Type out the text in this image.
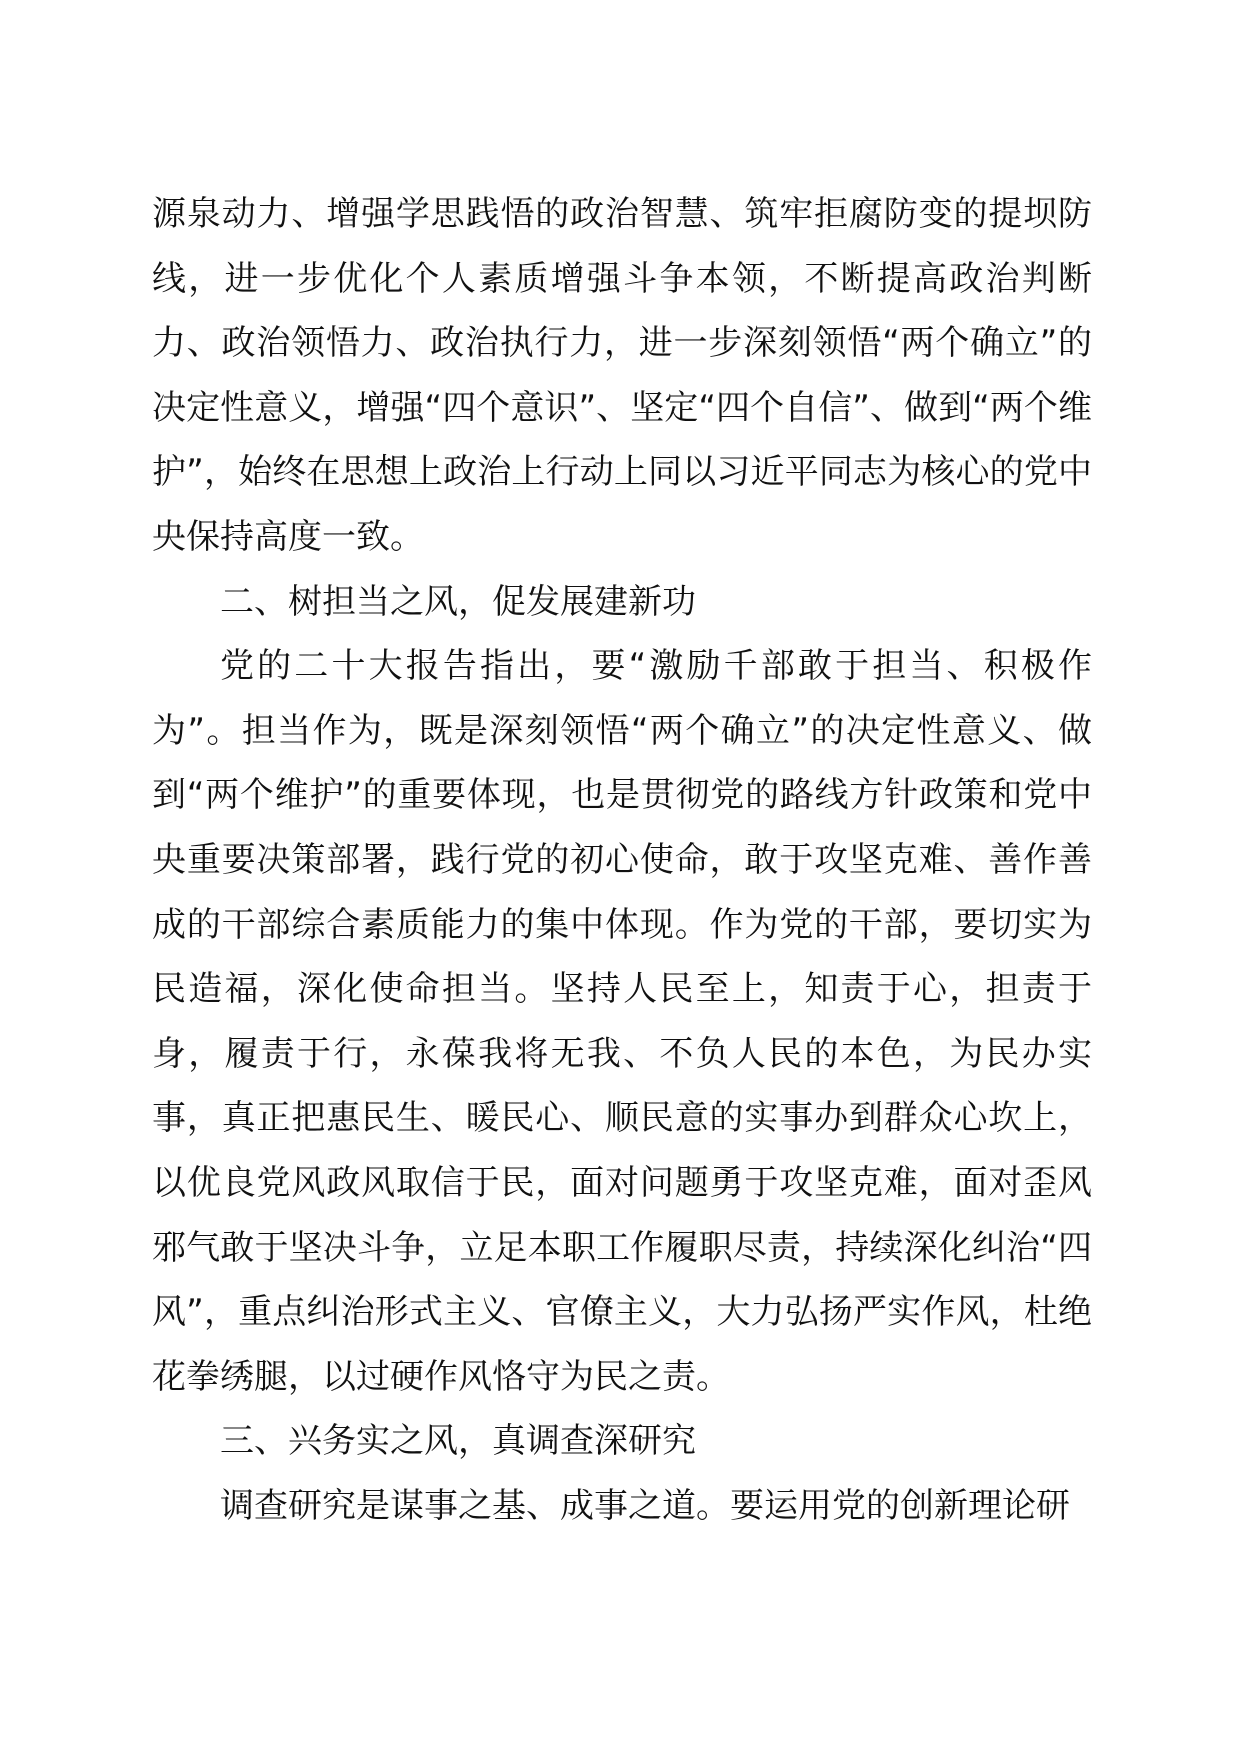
源泉动力、增强学思践悟的政治智慧、筑牢拒腐防变的提坝防线，进一步优化个人素质增强斗争本领，不断提高政治判断力、政治领悟力、政治执行力，进一步深刻领悟“两个确立”的决定性意义，增强“四个意识”、坚定“四个自信”、做到“两个维护”，始终在思想上政治上行动上同以习近平同志为核心的党中央保持高度一致。

二、树担当之风，促发展建新功

党的二十大报告指出，要“激励千部敢于担当、积极作为”。担当作为，既是深刻领悟“两个确立”的决定性意义、做到“两个维护”的重要体现，也是贯彻党的路线方针政策和党中央重要决策部署，践行党的初心使命，敢于攻坚克难、善作善成的干部综合素质能力的集中体现。作为党的干部，要切实为民造福，深化使命担当。坚持人民至上，知责于心，担责于身，履责于行，永葆我将无我、不负人民的本色，为民办实事，真正把惠民生、暖民心、顺民意的实事办到群众心坎上，以优良党风政风取信于民，面对问题勇于攻坚克难，面对歪风邪气敢于坚决斗争，立足本职工作履职尽责，持续深化纠治“四风”，重点纠治形式主义、官僚主义，大力弘扬严实作风，杜绝花拳绣腿，以过硬作风恪守为民之责。

三、兴务实之风，真调查深研究

调查研究是谋事之基、成事之道。要运用党的创新理论研
